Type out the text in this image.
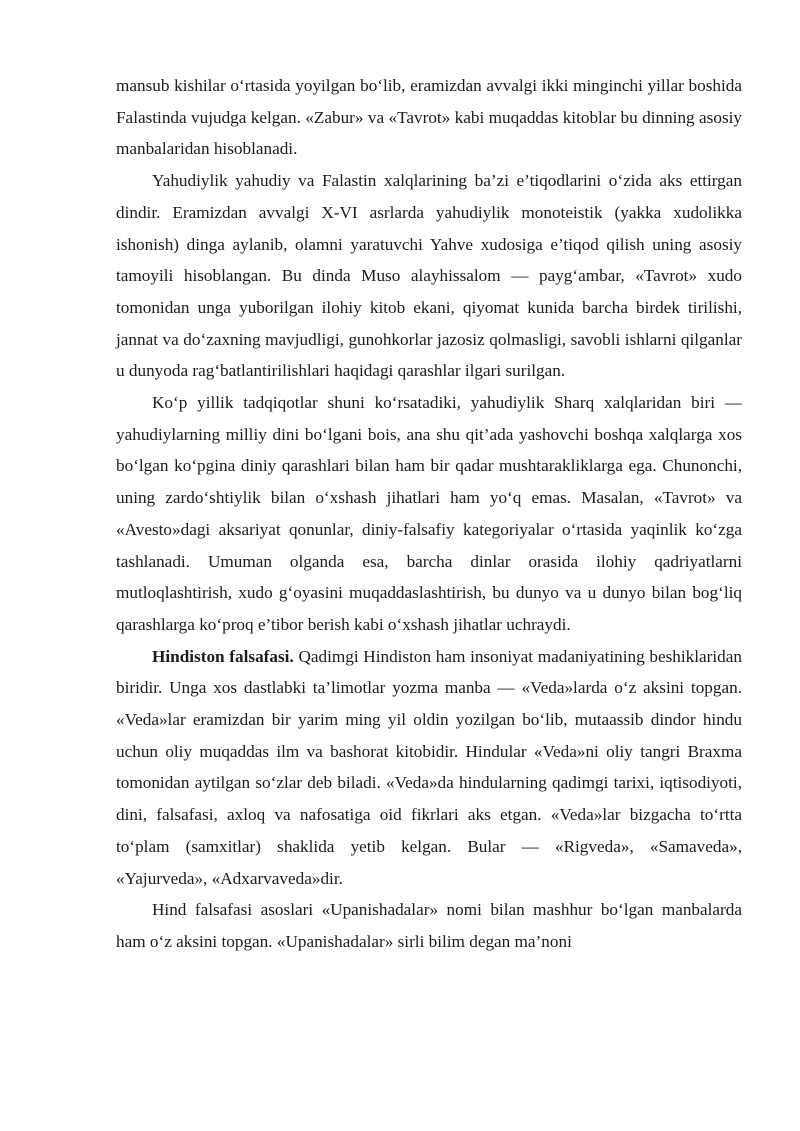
mansub kishilar o‘rtasida yoyilgan bo‘lib, eramizdan avvalgi ikki minginchi yillar boshida Falastinda vujudga kelgan. «Zabur» va «Tavrot» kabi muqaddas kitoblar bu dinning asosiy manbalaridan hisoblanadi.

Yahudiylik yahudiy va Falastin xalqlarining ba’zi e’tiqodlarini o‘zida aks ettirgan dindir. Eramizdan avvalgi X-VI asrlarda yahudiylik monoteistik (yakka xudolikka ishonish) dinga aylanib, olamni yaratuvchi Yahve xudosiga e’tiqod qilish uning asosiy tamoyili hisoblangan. Bu dinda Muso alayhissalom — payg‘ambar, «Tavrot» xudo tomonidan unga yuborilgan ilohiy kitob ekani, qiyomat kunida barcha birdek tirilishi, jannat va do‘zaxning mavjudligi, gunohkorlar jazosiz qolmasligi, savobli ishlarni qilganlar u dunyoda rag‘batlantirilishlari haqidagi qarashlar ilgari surilgan.

Ko‘p yillik tadqiqotlar shuni ko‘rsatadiki, yahudiylik Sharq xalqlaridan biri — yahudiylarning milliy dini bo‘lgani bois, ana shu qit’ada yashovchi boshqa xalqlarga xos bo‘lgan ko‘pgina diniy qarashlari bilan ham bir qadar mushtarakliklarga ega. Chunonchi, uning zardo‘shtiylik bilan o‘xshash jihatlari ham yo‘q emas. Masalan, «Tavrot» va «Avesto»dagi aksariyat qonunlar, diniy-falsafiy kategoriyalar o‘rtasida yaqinlik ko‘zga tashlanadi. Umuman olganda esa, barcha dinlar orasida ilohiy qadriyatlarni mutloqlashtirish, xudo g‘oyasini muqaddaslashtirish, bu dunyo va u dunyo bilan bog‘liq qarashlarga ko‘proq e’tibor berish kabi o‘xshash jihatlar uchraydi.

Hindiston falsafasi. Qadimgi Hindiston ham insoniyat madaniyatining beshiklaridan biridir. Unga xos dastlabki ta’limotlar yozma manba — «Veda»larda o‘z aksini topgan. «Veda»lar eramizdan bir yarim ming yil oldin yozilgan bo‘lib, mutaassib dindor hindu uchun oliy muqaddas ilm va bashorat kitobidir. Hindular «Veda»ni oliy tangri Braxma tomonidan aytilgan so‘zlar deb biladi. «Veda»da hindularning qadimgi tarixi, iqtisodiyoti, dini, falsafasi, axloq va nafosatiga oid fikrlari aks etgan. «Veda»lar bizgacha to‘rtta to‘plam (samxitlar) shaklida yetib kelgan. Bular — «Rigveda», «Samaveda», «Yajurveda», «Adxarvaveda»dir.

Hind falsafasi asoslari «Upanishadalar» nomi bilan mashhur bo‘lgan manbalarda ham o‘z aksini topgan. «Upanishadalar» sirli bilim degan ma’noni
